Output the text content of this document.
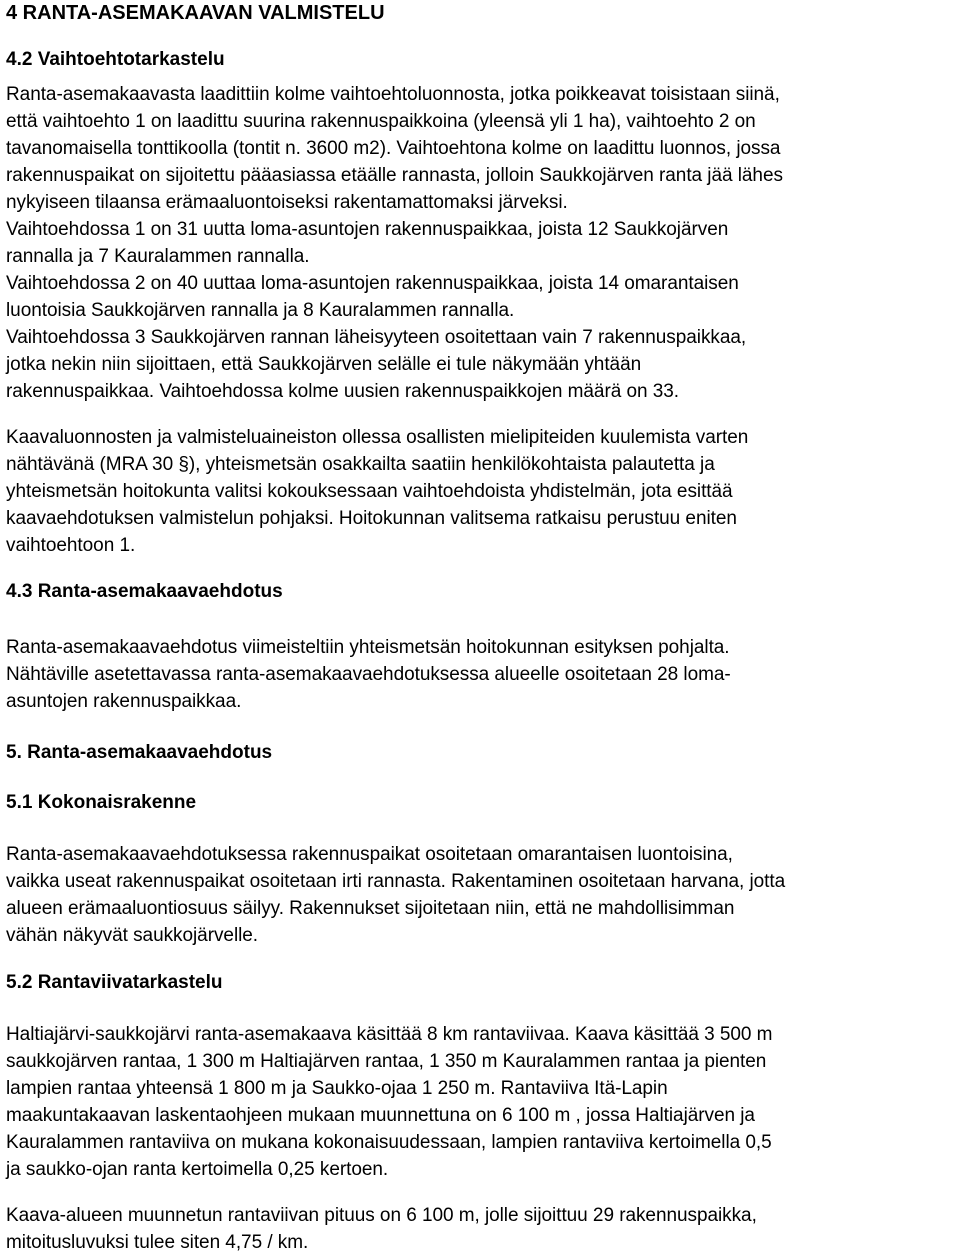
4 RANTA-ASEMAKAAVAN VALMISTELU
4.2 Vaihtoehtotarkastelu
Ranta-asemakaavasta laadittiin kolme vaihtoehtoluonnosta, jotka poikkeavat toisistaan siinä,
että vaihtoehto 1 on laadittu suurina rakennuspaikkoina (yleensä yli 1 ha), vaihtoehto 2 on
tavanomaisella tonttikoolla (tontit n. 3600 m2). Vaihtoehtona kolme on laadittu luonnos, jossa
rakennuspaikat on sijoitettu pääasiassa etäälle rannasta, jolloin Saukkojärven ranta jää lähes
nykyiseen tilaansa erämaaluontoiseksi rakentamattomaksi järveksi.
Vaihtoehdossa 1 on 31 uutta loma-asuntojen rakennuspaikkaa, joista 12 Saukkojärven
rannalla ja 7 Kauralammen rannalla.
Vaihtoehdossa 2 on 40 uuttaa loma-asuntojen rakennuspaikkaa, joista 14 omarantaisen
luontoisia Saukkojärven rannalla ja 8 Kauralammen rannalla.
Vaihtoehdossa 3 Saukkojärven rannan läheisyyteen osoitettaan vain 7 rakennuspaikkaa,
jotka nekin niin sijoittaen, että Saukkojärven selälle ei tule näkymään yhtään
rakennuspaikkaa. Vaihtoehdossa kolme uusien rakennuspaikkojen määrä on 33.
Kaavaluonnosten ja valmisteluaineiston ollessa osallisten mielipiteiden kuulemista varten
nähtävänä (MRA 30 §), yhteismetsän osakkailta saatiin henkilökohtaista palautetta ja
yhteismetsän hoitokunta valitsi kokouksessaan vaihtoehdoista yhdistelmän, jota esittää
kaavaehdotuksen valmistelun pohjaksi. Hoitokunnan valitsema ratkaisu perustuu eniten
vaihtoehtoon 1.
4.3 Ranta-asemakaavaehdotus
Ranta-asemakaavaehdotus viimeisteltiin yhteismetsän hoitokunnan esityksen pohjalta.
Nähtäville asetettavassa ranta-asemakaavaehdotuksessa alueelle osoitetaan 28 loma-
asuntojen rakennuspaikkaa.
5. Ranta-asemakaavaehdotus
5.1 Kokonaisrakenne
Ranta-asemakaavaehdotuksessa rakennuspaikat osoitetaan omarantaisen luontoisina,
vaikka useat rakennuspaikat osoitetaan irti rannasta. Rakentaminen osoitetaan harvana, jotta
alueen erämaaluontiosuus säilyy. Rakennukset sijoitetaan niin, että ne mahdollisimman
vähän näkyvät saukkojärvelle.
5.2 Rantaviivatarkastelu
Haltiajärvi-saukkojärvi ranta-asemakaava käsittää 8 km rantaviivaa. Kaava käsittää 3 500 m
saukkojärven rantaa, 1 300 m Haltiajärven rantaa, 1 350 m Kauralammen rantaa ja pienten
lampien rantaa yhteensä 1 800 m ja Saukko-ojaa 1 250 m. Rantaviiva Itä-Lapin
maakuntakaavan laskentaohjeen mukaan muunnettuna on 6 100 m , jossa Haltiajärven ja
Kauralammen rantaviiva on mukana kokonaisuudessaan, lampien rantaviiva kertoimella 0,5
ja saukko-ojan ranta kertoimella 0,25 kertoen.
Kaava-alueen muunnetun rantaviivan pituus on 6 100 m, jolle sijoittuu 29 rakennuspaikka,
mitoitusluvuksi tulee siten 4,75 / km.
